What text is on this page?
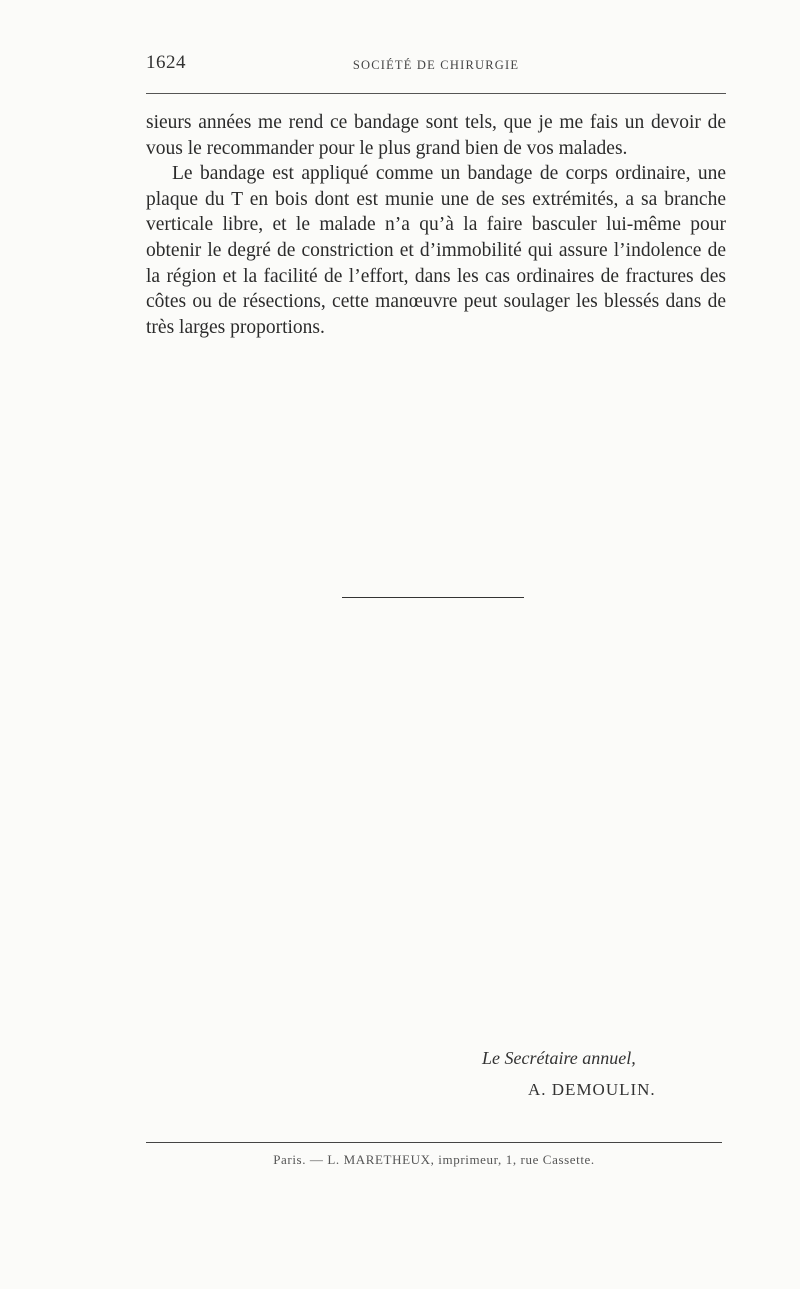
1624	SOCIÉTÉ DE CHIRURGIE

sieurs années me rend ce bandage sont tels, que je me fais un devoir de vous le recommander pour le plus grand bien de vos malades.

Le bandage est appliqué comme un bandage de corps ordinaire, une plaque du T en bois dont est munie une de ses extrémités, a sa branche verticale libre, et le malade n’a qu’à la faire basculer lui-même pour obtenir le degré de constriction et d’immobilité qui assure l’indolence de la région et la facilité de l’effort, dans les cas ordinaires de fractures des côtes ou de résections, cette manœuvre peut soulager les blessés dans de très larges proportions.

Le Secrétaire annuel,
A. DEMOULIN.
Paris. — L. MARETHEUX, imprimeur, 1, rue Cassette.
